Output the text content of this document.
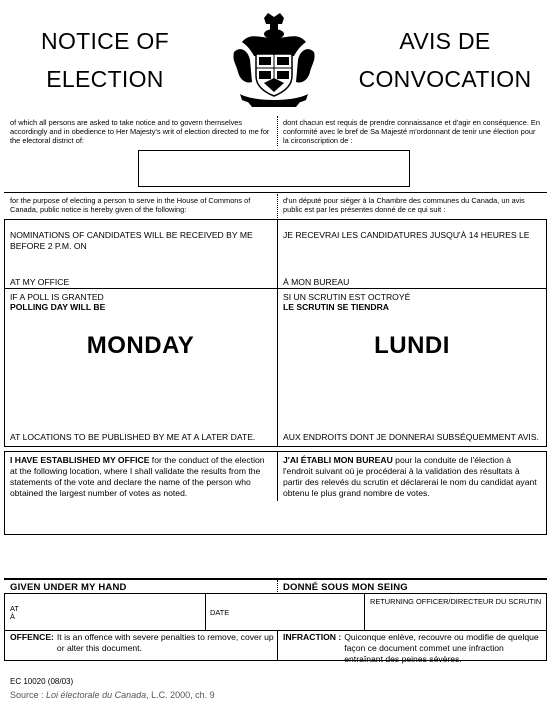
NOTICE OF
ELECTION
AVIS DE
CONVOCATION
of which all persons are asked to take notice and to govern themselves accordingly and in obedience to Her Majesty's writ of election directed to me for the electoral district of:
dont chacun est requis de prendre connaissance et d'agir en conséquence. En conformité avec le bref de Sa Majesté m'ordonnant de tenir une élection pour la circonscription de :
for the purpose of electing a person to serve in the House of Commons of Canada, public notice is hereby given of the following:
d'un député pour siéger à la Chambre des communes du Canada, un avis public est par les présentes donné de ce qui suit :
NOMINATIONS OF CANDIDATES WILL BE RECEIVED BY ME BEFORE 2 P.M. ON
JE RECEVRAI LES CANDIDATURES JUSQU'À 14 HEURES LE
AT MY OFFICE	À MON BUREAU
IF A POLL IS GRANTED
POLLING DAY WILL BE
SI UN SCRUTIN EST OCTROYÉ
LE SCRUTIN SE TIENDRA
MONDAY	LUNDI
AT LOCATIONS TO BE PUBLISHED BY ME AT A LATER DATE.	AUX ENDROITS DONT JE DONNERAI SUBSÉQUEMMENT AVIS.
I HAVE ESTABLISHED MY OFFICE for the conduct of the election at the following location, where I shall validate the results from the statements of the vote and declare the name of the person who obtained the largest number of votes as noted.
J'AI ÉTABLI MON BUREAU pour la conduite de l'élection à l'endroit suivant où je procéderai à la validation des résultats à partir des relevés du scrutin et déclarerai le nom du candidat ayant obtenu le plus grand nombre de votes.
GIVEN UNDER MY HAND	DONNÉ SOUS MON SEING
AT
À	DATE
RETURNING OFFICER/DIRECTEUR DU SCRUTIN
OFFENCE: It is an offence with severe penalties to remove, cover up or alter this document.
INFRACTION : Quiconque enlève, recouvre ou modifie de quelque façon ce document commet une infraction entraînant des peines sévères.
EC 10020 (08/03)
Source : Loi électorale du Canada, L.C. 2000, ch. 9
